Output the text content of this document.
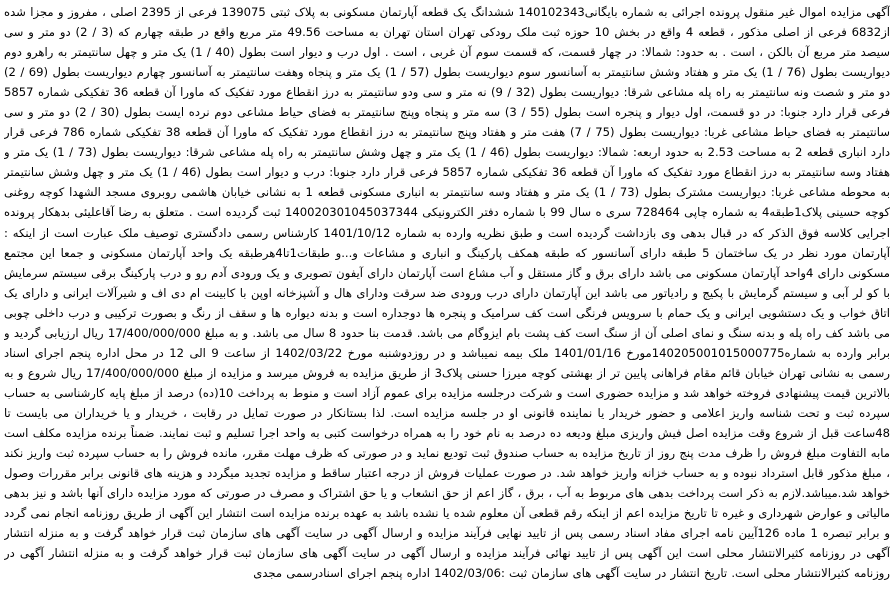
آگهی مزایده اموال غیر منقول پرونده اجرائی به شماره بایگانی140102343 ششدانگ یک قطعه آپارتمان مسکونی به پلاک ثبتی 139075 فرعی از 2395 اصلی ، مفروز و مجزا شده از6832 فرعی از اصلی مذکور ، قطعه 4 واقع در بخش 10 حوزه ثبت ملک رودکی تهران استان تهران به مساحت 49.56 متر مربع واقع در طبقه چهارم که (3 / 2) دو متر و سی سیصد متر مربع آن بالکن ، است . به حدود: شمالا: در چهار قسمت، که قسمت سوم آن غربی ، است . اول درب و دیوار است بطول (40 / 1) یک متر و چهل سانتیمتر به راهرو دوم دیواریست بطول (76 / 1) یک متر و هفتاد وشش سانتیمتر به آسانسور سوم دیواریست بطول (57 / 1) یک متر و پنجاه وهفت سانتیمتر به آسانسور چهارم دیواریست بطول (69 / 2) دو متر و شصت ونه سانتیمتر به راه پله مشاعی شرقا: دیواریست بطول (32 / 9) نه متر و سی ودو سانتیمتر به درز انقطاع مورد تفکیک که ماورا آن قطعه 36 تفکیکی شماره 5857 فرعی قرار دارد جنوبا: در دو قسمت، اول دیوار و پنجره است بطول (55 / 3) سه متر و پنجاه وپنج سانتیمتر به فضای حیاط مشاعی دوم نرده ایست بطول (30 / 2) دو متر و سی سانتیمتر به فضای حیاط مشاعی غربا: دیواریست بطول (75 / 7) هفت متر و هفتاد وپنج سانتیمتر به درز انقطاع مورد تفکیک که ماورا آن قطعه 38 تفکیکی شماره 786 فرعی قرار دارد انباری قطعه 2 به مساحت 2.53 به حدود اربعه: شمالا: دیواریست بطول (46 / 1) یک متر و چهل وشش سانتیمتر به راه پله مشاعی شرقا: دیواریست بطول (73 / 1) یک متر و هفتاد وسه سانتیمتر به درز انقطاع مورد تفکیک که ماورا آن قطعه 36 تفکیکی شماره 5857 فرعی قرار دارد جنوبا: درب و دیوار است بطول (46 / 1) یک متر و چهل وشش سانتیمتر به محوطه مشاعی غربا: دیواریست مشترک بطول (73 / 1) یک متر و هفتاد وسه سانتیمتر به انباری مسکونی قطعه 1 به نشانی خیابان هاشمی روبروی مسجد الشهدا کوچه روغنی کوچه حسینی پلاک1طبقه4 به شماره چاپی 728464 سری ه سال 99 با شماره دفتر الکترونیکی 140020301045037344 ثبت گردیده است . متعلق به رضا آقاعلیئی بدهکار پرونده اجرایی کلاسه فوق الذکر که در قبال بدهی وی بازداشت گردیده است و طبق نظریه وارده به شماره 1401/10/12 کارشناس رسمی دادگستری توصیف ملک عبارت است از اینکه : آپارتمان مورد نظر در یک ساختمان 5 طبقه دارای آسانسور که طبقه همکف پارکینگ و انباری و مشاعات و...و طبقات1تا4هرطبقه یک واحد آپارتمان مسکونی و جمعا این مجتمع مسکونی دارای 4واحد آپارتمان مسکونی می باشد دارای برق و گاز مستقل و آب مشاع است آپارتمان دارای آیفون تصویری و یک ورودی آدم رو و درب پارکینگ برقی سیستم سرمایش با کو لر آبی و سیستم گرمایش با پکیج و رادیاتور می باشد این آپارتمان دارای درب ورودی ضد سرقت ودارای هال و آشپزخانه اوپن با کابینت ام دی اف و شیرآلات ایرانی و دارای یک اتاق خواب و یک دستشویی ایرانی و یک حمام با سرویس فرنگی است کف سرامیک و پنجره ها دوجداره است و بدنه دیواره ها و سقف از رنگ و بصورت ترکیبی و درب داخلی چوبی می باشد کف راه پله و بدنه سنگ و نمای اصلی آن از سنگ است کف پشت بام ایزوگام می باشد. قدمت بنا حدود 8 سال می باشد. و به مبلغ 17/400/000/000 ریال ارزیابی گردید و برابر وارده به شماره140205001015000775مورخ 1401/01/16 ملک بیمه نمیباشد و در روزدوشنبه مورخ 1402/03/22 از ساعت 9 الی 12 در محل اداره پنجم اجرای اسناد رسمی به نشانی تهران خیابان قائم مقام فراهانی پایین تر از بهشتی کوچه میرزا حسنی پلاک3 از طریق مزایده به فروش میرسد و مزایده از مبلغ 17/400/000/000 ریال شروع و به بالاترین قیمت پیشنهادی فروخته خواهد شد و مزایده حضوری است و شرکت درجلسه مزایده برای عموم آزاد است و منوط به پرداخت 10(ده) درصد از مبلغ پایه کارشناسی به حساب سپرده ثبت و تحت شناسه واریز اعلامی و حضور خریدار یا نماینده قانونی او در جلسه مزایده است. لذا بستانکار در صورت تمایل در رقابت ، خریدار و یا خریداران می بایست تا 48ساعت قبل از شروع وقت مزایده اصل فیش واریزی مبلغ ودیعه ده درصد به نام خود را به همراه درخواست کتبی به واحد اجرا تسلیم و ثبت نمایند. ضمناً برنده مزایده مکلف است مابه التفاوت مبلغ فروش را ظرف مدت پنج روز از تاریخ مزایده به حساب صندوق ثبت تودیع نماید و در صورتی که ظرف مهلت مقرر، مانده فروش را به حساب سپرده ثبت واریز نکند ، مبلغ مذکور قابل استرداد نبوده و به حساب خزانه واریز خواهد شد. در صورت عملیات فروش از درجه اعتبار ساقط و مزایده تجدید میگردد و هزینه های قانونی برابر مقررات وصول خواهد شد.میباشد.لازم به ذکر است پرداخت بدهی های مربوط به آب ، برق ، گاز اعم از حق انشعاب و یا حق اشتراک و مصرف در صورتی که مورد مزایده دارای آنها باشد و نیز بدهی مالیاتی و عوارض شهرداری و غیره تا تاریخ مزایده اعم از اینکه رقم قطعی آن معلوم شده یا نشده باشد به عهده برنده مزایده است انتشار این آگهی از طریق روزنامه انجام نمی گردد و برابر تبصره 1 ماده 126آیین نامه اجرای مفاد اسناد رسمی پس از تایید نهایی فرآیند مزایده و ارسال آگهی در سایت آگهی های سازمان ثبت قرار خواهد گرفت و به منزله انتشار آگهی در روزنامه کثیرالانتشار محلی است این آگهی پس از تایید نهائی فرآیند مزایده و ارسال آگهی در سایت آگهی های سازمان ثبت قرار خواهد گرفت و به منزله انتشار آگهی در روزنامه کثیرالانتشار محلی است. تاریخ انتشار در سایت آگهی های سازمان ثبت :1402/03/06 اداره پنجم اجرای اسنادرسمی مجدی
